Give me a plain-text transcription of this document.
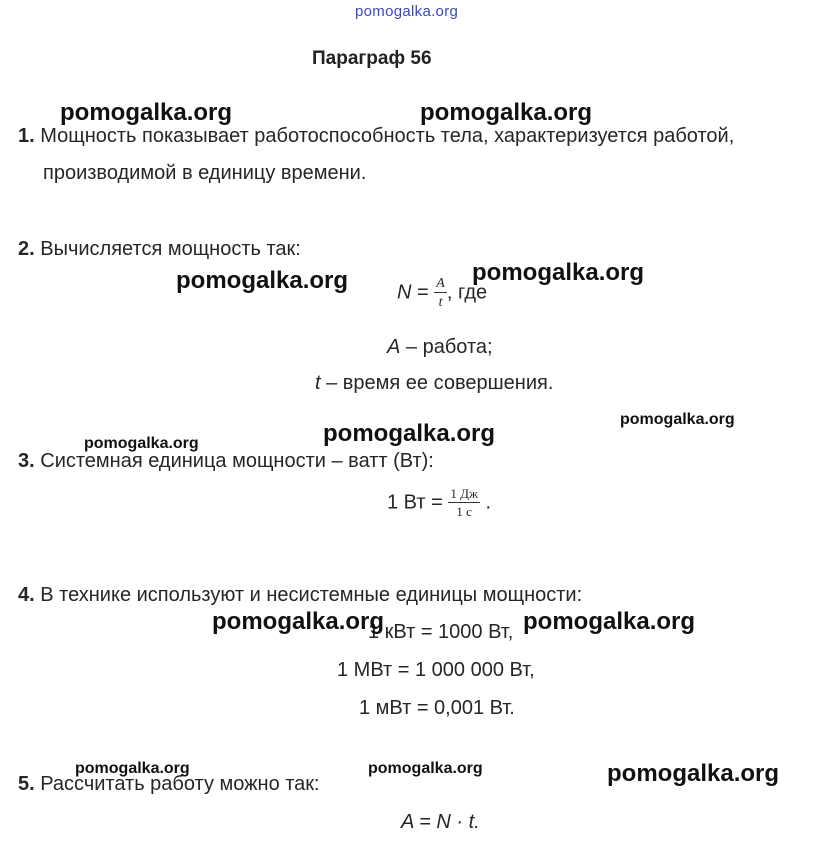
pomogalka.org
Параграф 56
1. Мощность показывает работоспособность тела, характеризуется работой,
производимой в единицу времени.
2. Вычисляется мощность так:
$N = \frac{A}{t}$ , где
A – работа;
t – время ее совершения.
3. Системная единица мощности – ватт (Вт):
1 Вт = $\frac{1 Дж}{1 с}$ .
4. В технике используют и несистемные единицы мощности:
1 кВт = 1000 Вт,
1 МВт = 1 000 000 Вт,
1 мВт = 0,001 Вт.
5. Рассчитать работу можно так:
A = N · t.
pomogalka.org	pomogalka.org
pomogalka.org	pomogalka.org
pomogalka.org
pomogalka.org	pomogalka.org
pomogalka.org	pomogalka.org
pomogalka.org	pomogalka.org	pomogalka.org
